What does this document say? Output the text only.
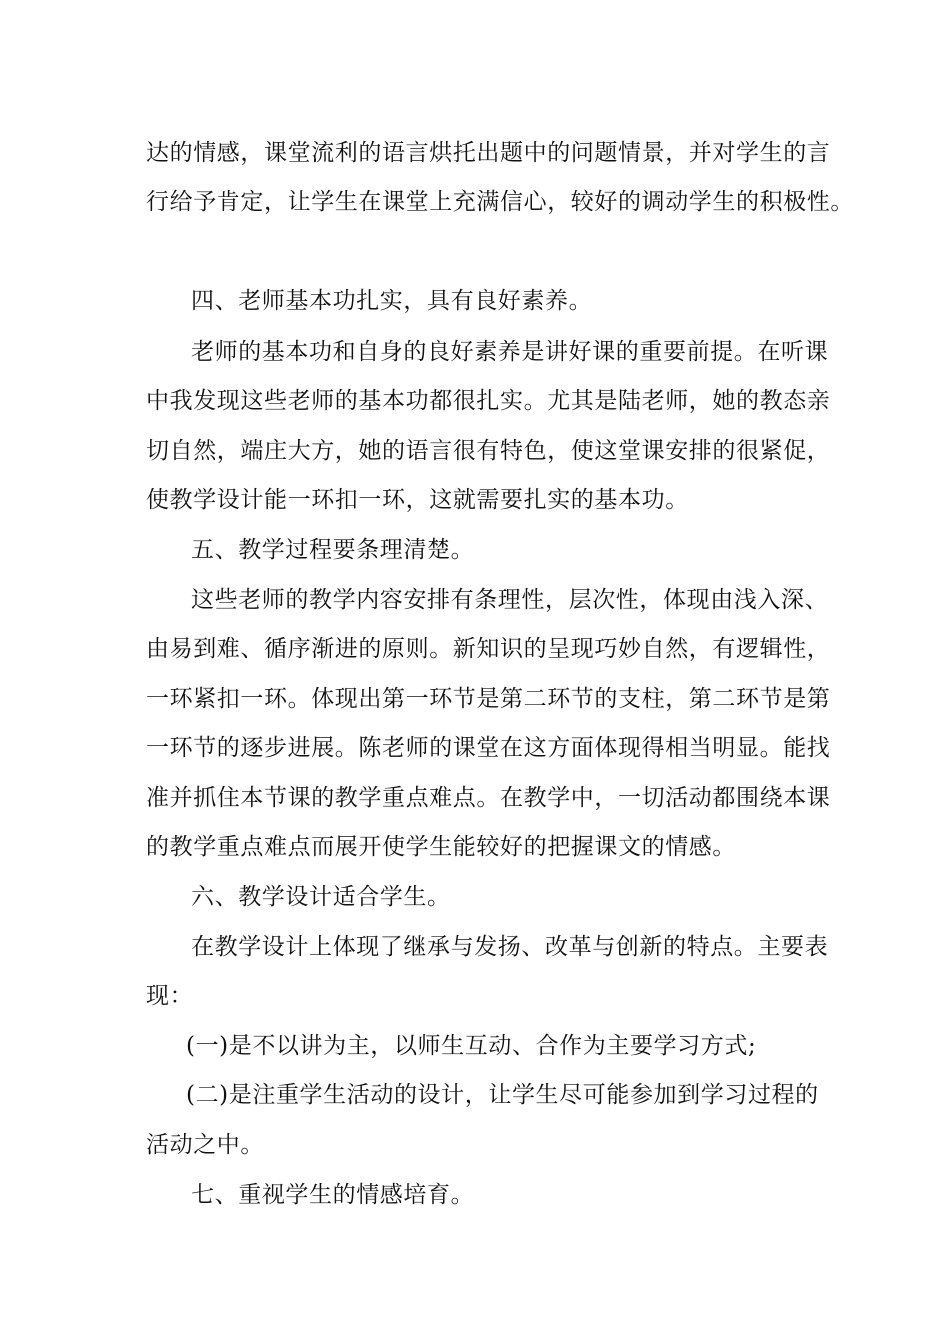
达的情感，课堂流利的语言烘托出题中的问题情景，并对学生的言
行给予肯定，让学生在课堂上充满信心，较好的调动学生的积极性。
四、老师基本功扎实，具有良好素养。
老师的基本功和自身的良好素养是讲好课的重要前提。在听课
中我发现这些老师的基本功都很扎实。尤其是陆老师，她的教态亲
切自然，端庄大方，她的语言很有特色，使这堂课安排的很紧促，
使教学设计能一环扣一环，这就需要扎实的基本功。
五、教学过程要条理清楚。
这些老师的教学内容安排有条理性，层次性，体现由浅入深、
由易到难、循序渐进的原则。新知识的呈现巧妙自然，有逻辑性，
一环紧扣一环。体现出第一环节是第二环节的支柱，第二环节是第
一环节的逐步进展。陈老师的课堂在这方面体现得相当明显。能找
准并抓住本节课的教学重点难点。在教学中，一切活动都围绕本课
的教学重点难点而展开使学生能较好的把握课文的情感。
六、教学设计适合学生。
在教学设计上体现了继承与发扬、改革与创新的特点。主要表
现：
(一)是不以讲为主，以师生互动、合作为主要学习方式;
(二)是注重学生活动的设计，让学生尽可能参加到学习过程的
活动之中。
七、重视学生的情感培育。
